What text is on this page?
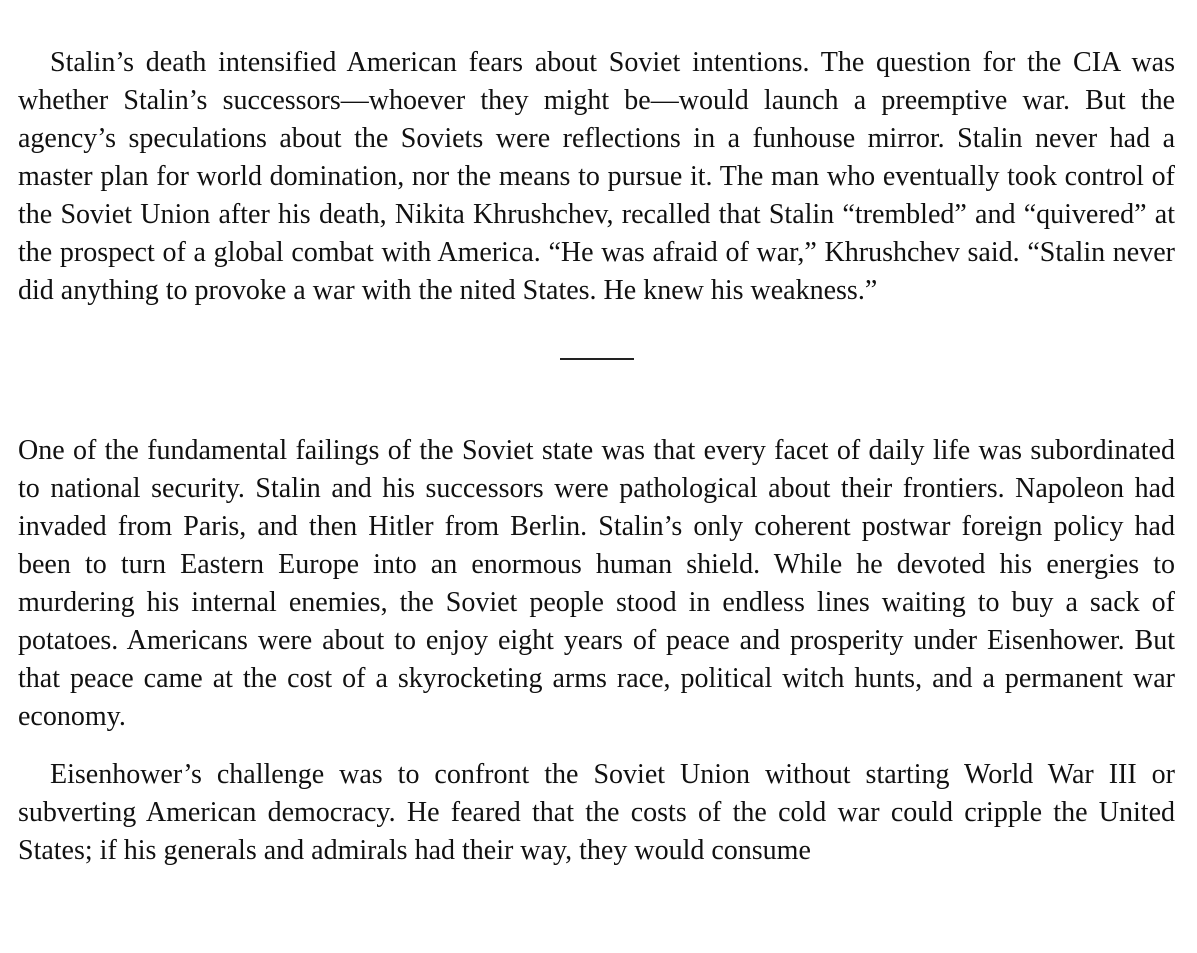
Stalin’s death intensified American fears about Soviet intentions. The question for the CIA was whether Stalin’s successors—whoever they might be—would launch a preemptive war. But the agency’s speculations about the Soviets were reflections in a funhouse mirror. Stalin never had a master plan for world domination, nor the means to pursue it. The man who eventually took control of the Soviet Union after his death, Nikita Khrushchev, recalled that Stalin “trembled” and “quivered” at the prospect of a global combat with America. “He was afraid of war,” Khrushchev said. “Stalin never did anything to provoke a war with the nited States. He knew his weakness.”

One of the fundamental failings of the Soviet state was that every facet of daily life was subordinated to national security. Stalin and his successors were pathological about their frontiers. Napoleon had invaded from Paris, and then Hitler from Berlin. Stalin’s only coherent postwar foreign policy had been to turn Eastern Europe into an enormous human shield. While he devoted his energies to murdering his internal enemies, the Soviet people stood in endless lines waiting to buy a sack of potatoes. Americans were about to enjoy eight years of peace and prosperity under Eisenhower. But that peace came at the cost of a skyrocketing arms race, political witch hunts, and a permanent war economy.

Eisenhower’s challenge was to confront the Soviet Union without starting World War III or subverting American democracy. He feared that the costs of the cold war could cripple the United States; if his generals and admirals had their way, they would consume
